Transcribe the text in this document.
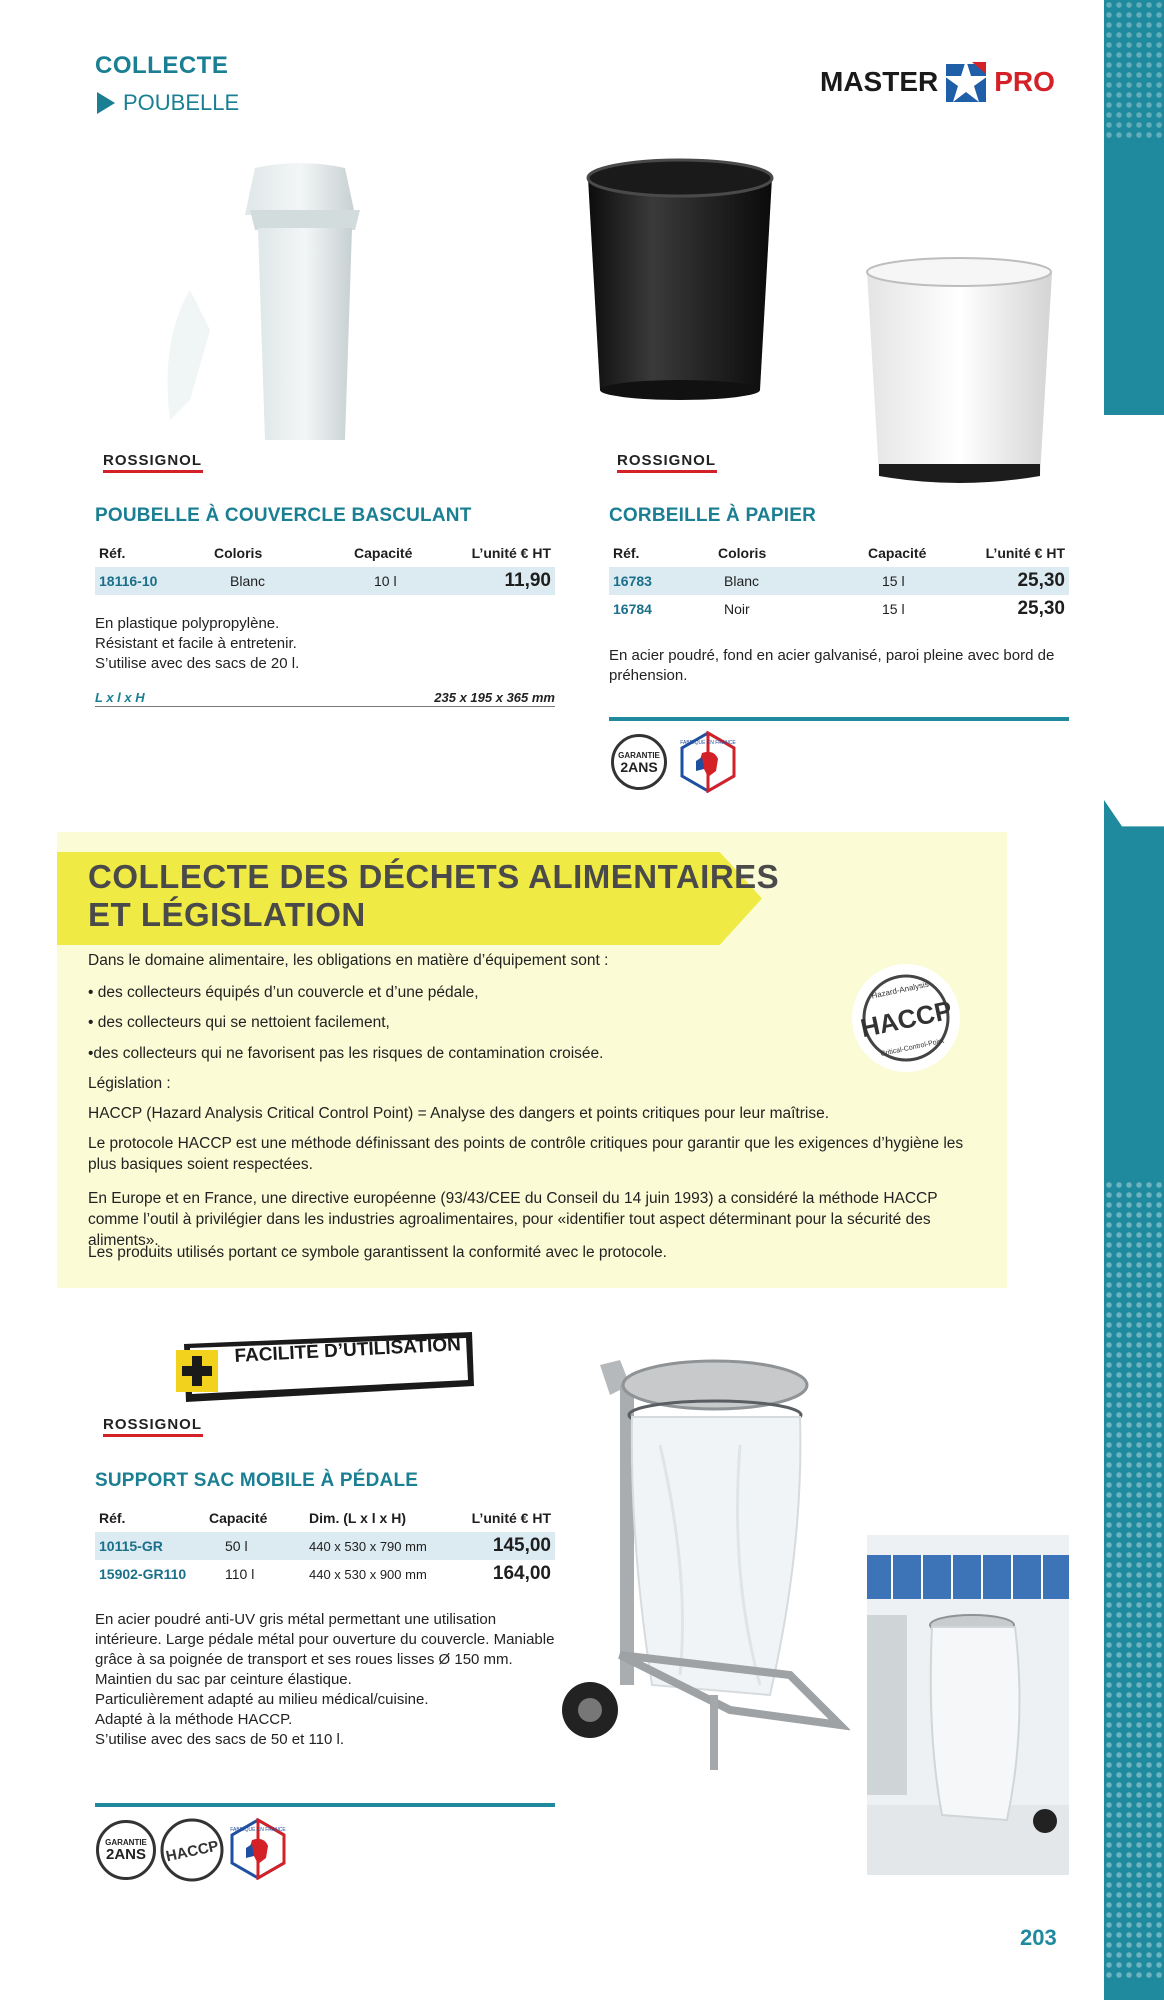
COLLECTE
POUBELLE
MASTER PRO
ROSSIGNOL
POUBELLE À COUVERCLE BASCULANT
Réf.	Coloris	Capacité	L’unité € HT
18116-10	Blanc	10 l	11,90
En plastique polypropylène.
Résistant et facile à entretenir.
S’utilise avec des sacs de 20 l.
L x l x H	235 x 195 x 365 mm
ROSSIGNOL
CORBEILLE À PAPIER
Réf.	Coloris	Capacité	L’unité € HT
16783	Blanc	15 l	25,30
16784	Noir	15 l	25,30
En acier poudré, fond en acier galvanisé, paroi pleine avec bord de préhension.
GARANTIE
2ANS
FABRIQUÉ EN FRANCE
COLLECTE DES DÉCHETS ALIMENTAIRES
ET LÉGISLATION
Dans le domaine alimentaire, les obligations en matière d’équipement sont :
• des collecteurs équipés d’un couvercle et d’une pédale,
• des collecteurs qui se nettoient facilement,
•des collecteurs qui ne favorisent pas les risques de contamination croisée.
Législation :
HACCP (Hazard Analysis Critical Control Point) = Analyse des dangers et points critiques pour leur maîtrise.
Le protocole HACCP est une méthode définissant des points de contrôle critiques pour garantir que les exigences d’hygiène les plus basiques soient respectées.
En Europe et en France, une directive européenne (93/43/CEE du Conseil du 14 juin 1993) a considéré la méthode HACCP comme l’outil à privilégier dans les industries agroalimentaires, pour «identifier tout aspect déterminant pour la sécurité des aliments».
Les produits utilisés portant ce symbole garantissent la conformité avec le protocole.
HACCP
Hazard-Analysis
Critical-Control-Point
FACILITÉ D’UTILISATION
ROSSIGNOL
SUPPORT SAC MOBILE À PÉDALE
Réf.	Capacité	Dim. (L x l x H)	L’unité € HT
10115-GR	50 l	440 x 530 x 790 mm	145,00
15902-GR110	110 l	440 x 530 x 900 mm	164,00
En acier poudré anti-UV gris métal permettant une utilisation
intérieure. Large pédale métal pour ouverture du couvercle. Maniable
grâce à sa poignée de transport et ses roues lisses Ø 150 mm.
Maintien du sac par ceinture élastique.
Particulièrement adapté au milieu médical/cuisine.
Adapté à la méthode HACCP.
S’utilise avec des sacs de 50 et 110 l.
GARANTIE
2ANS HACCP
FABRIQUÉ EN FRANCE
203
